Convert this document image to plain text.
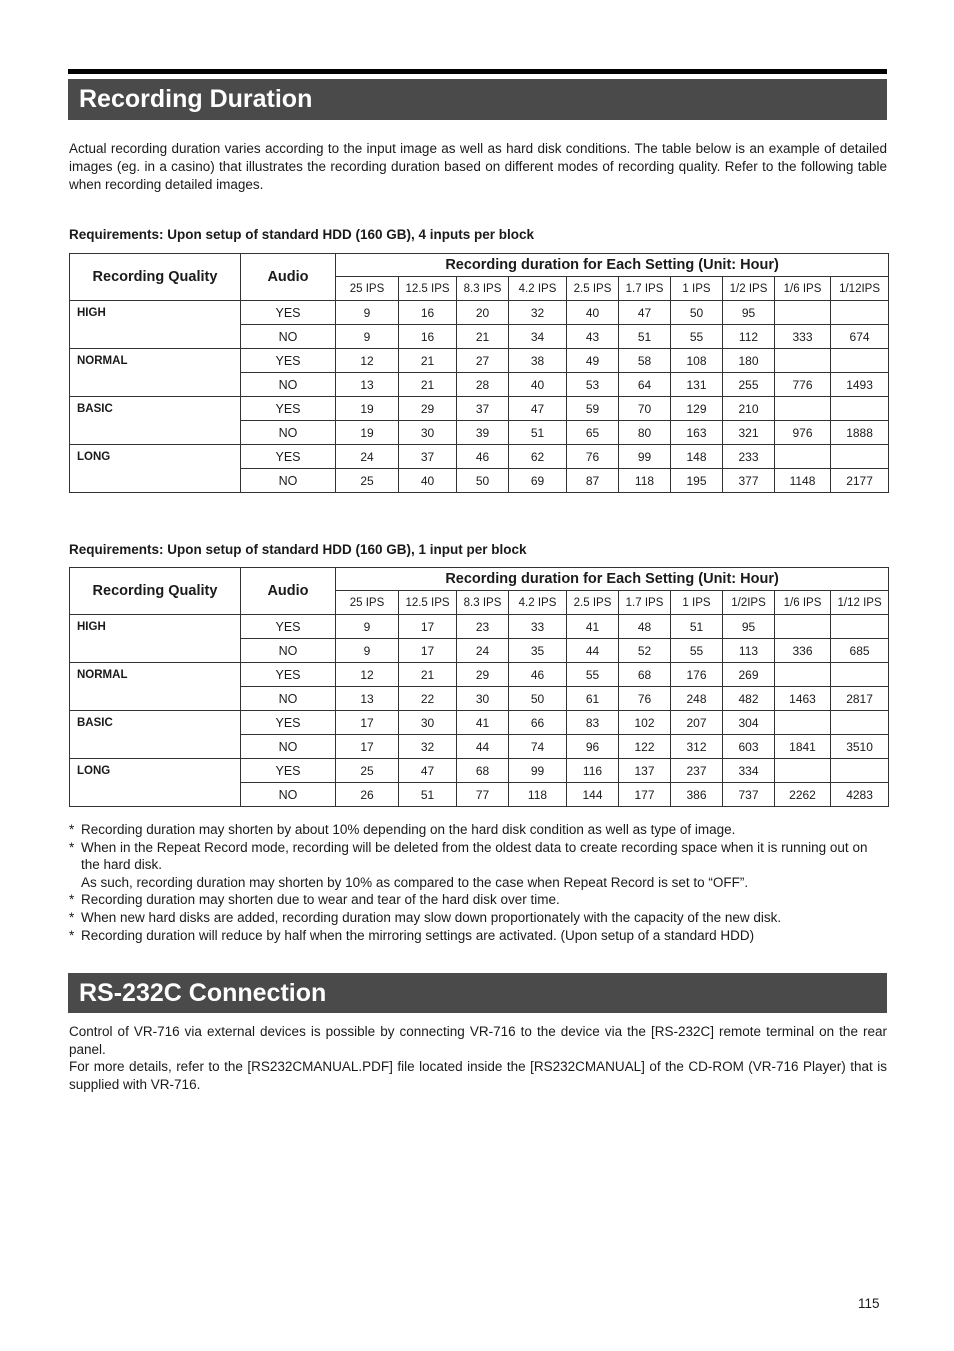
Recording Duration

Actual recording duration varies according to the input image as well as hard disk conditions. The table below is an example of detailed images (eg. in a casino) that illustrates the recording duration based on different modes of recording quality. Refer to the following table when recording detailed images.

Requirements: Upon setup of standard HDD (160 GB), 4 inputs per block

Recording Quality	Audio	Recording duration for Each Setting (Unit: Hour)									
		25 IPS	12.5 IPS	8.3 IPS	4.2 IPS	2.5 IPS	1.7 IPS	1 IPS	1/2 IPS	1/6 IPS	1/12IPS
HIGH	YES	9	16	20	32	40	47	50	95		
	NO	9	16	21	34	43	51	55	112	333	674
NORMAL	YES	12	21	27	38	49	58	108	180		
	NO	13	21	28	40	53	64	131	255	776	1493
BASIC	YES	19	29	37	47	59	70	129	210		
	NO	19	30	39	51	65	80	163	321	976	1888
LONG	YES	24	37	46	62	76	99	148	233		
	NO	25	40	50	69	87	118	195	377	1148	2177

Requirements: Upon setup of standard HDD (160 GB), 1 input per block

Recording Quality	Audio	Recording duration for Each Setting (Unit: Hour)									
		25 IPS	12.5 IPS	8.3 IPS	4.2 IPS	2.5 IPS	1.7 IPS	1 IPS	1/2IPS	1/6 IPS	1/12 IPS
HIGH	YES	9	17	23	33	41	48	51	95		
	NO	9	17	24	35	44	52	55	113	336	685
NORMAL	YES	12	21	29	46	55	68	176	269		
	NO	13	22	30	50	61	76	248	482	1463	2817
BASIC	YES	17	30	41	66	83	102	207	304		
	NO	17	32	44	74	96	122	312	603	1841	3510
LONG	YES	25	47	68	99	116	137	237	334		
	NO	26	51	77	118	144	177	386	737	2262	4283
* Recording duration may shorten by about 10% depending on the hard disk condition as well as type of image.
* When in the Repeat Record mode, recording will be deleted from the oldest data to create recording space when it is running out on the hard disk.
As such, recording duration may shorten by 10% as compared to the case when Repeat Record is set to “OFF”.
* Recording duration may shorten due to wear and tear of the hard disk over time.
* When new hard disks are added, recording duration may slow down proportionately with the capacity of the new disk.
* Recording duration will reduce by half when the mirroring settings are activated. (Upon setup of a standard HDD)
RS-232C Connection

Control of VR-716 via external devices is possible by connecting VR-716 to the device via the [RS-232C] remote terminal on the rear panel.

For more details, refer to the [RS232CMANUAL.PDF] file located inside the [RS232CMANUAL] of the CD-ROM (VR-716 Player) that is supplied with VR-716.

115
